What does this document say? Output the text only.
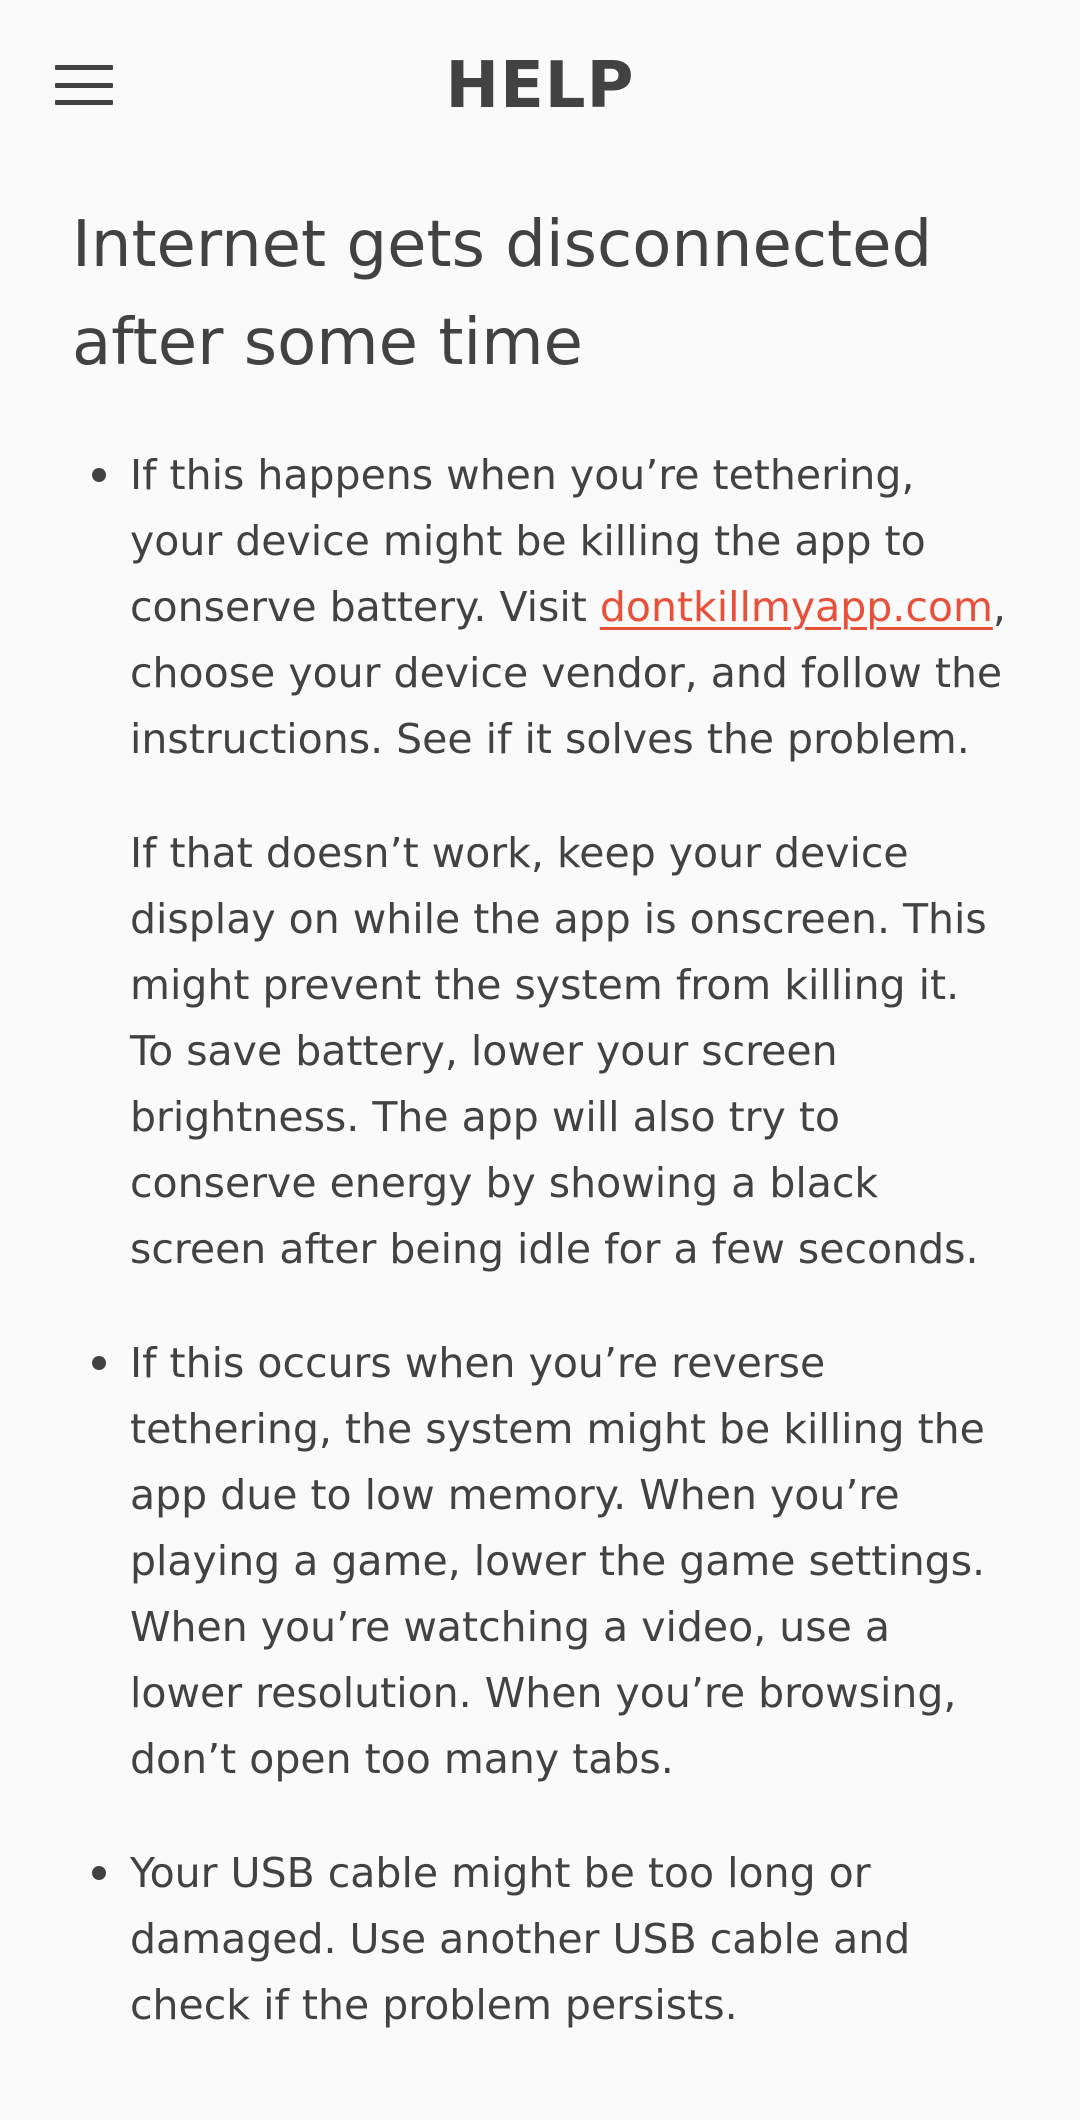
HELP
Internet gets disconnected after some time

If this happens when you’re tethering, your device might be killing the app to conserve battery. Visit dontkillmyapp.com, choose your device vendor, and follow the instructions. See if it solves the problem.

If that doesn’t work, keep your device display on while the app is onscreen. This might prevent the system from killing it. To save battery, lower your screen brightness. The app will also try to conserve energy by showing a black screen after being idle for a few seconds.

If this occurs when you’re reverse tethering, the system might be killing the app due to low memory. When you’re playing a game, lower the game settings. When you’re watching a video, use a lower resolution. When you’re browsing, don’t open too many tabs.

Your USB cable might be too long or damaged. Use another USB cable and check if the problem persists.
